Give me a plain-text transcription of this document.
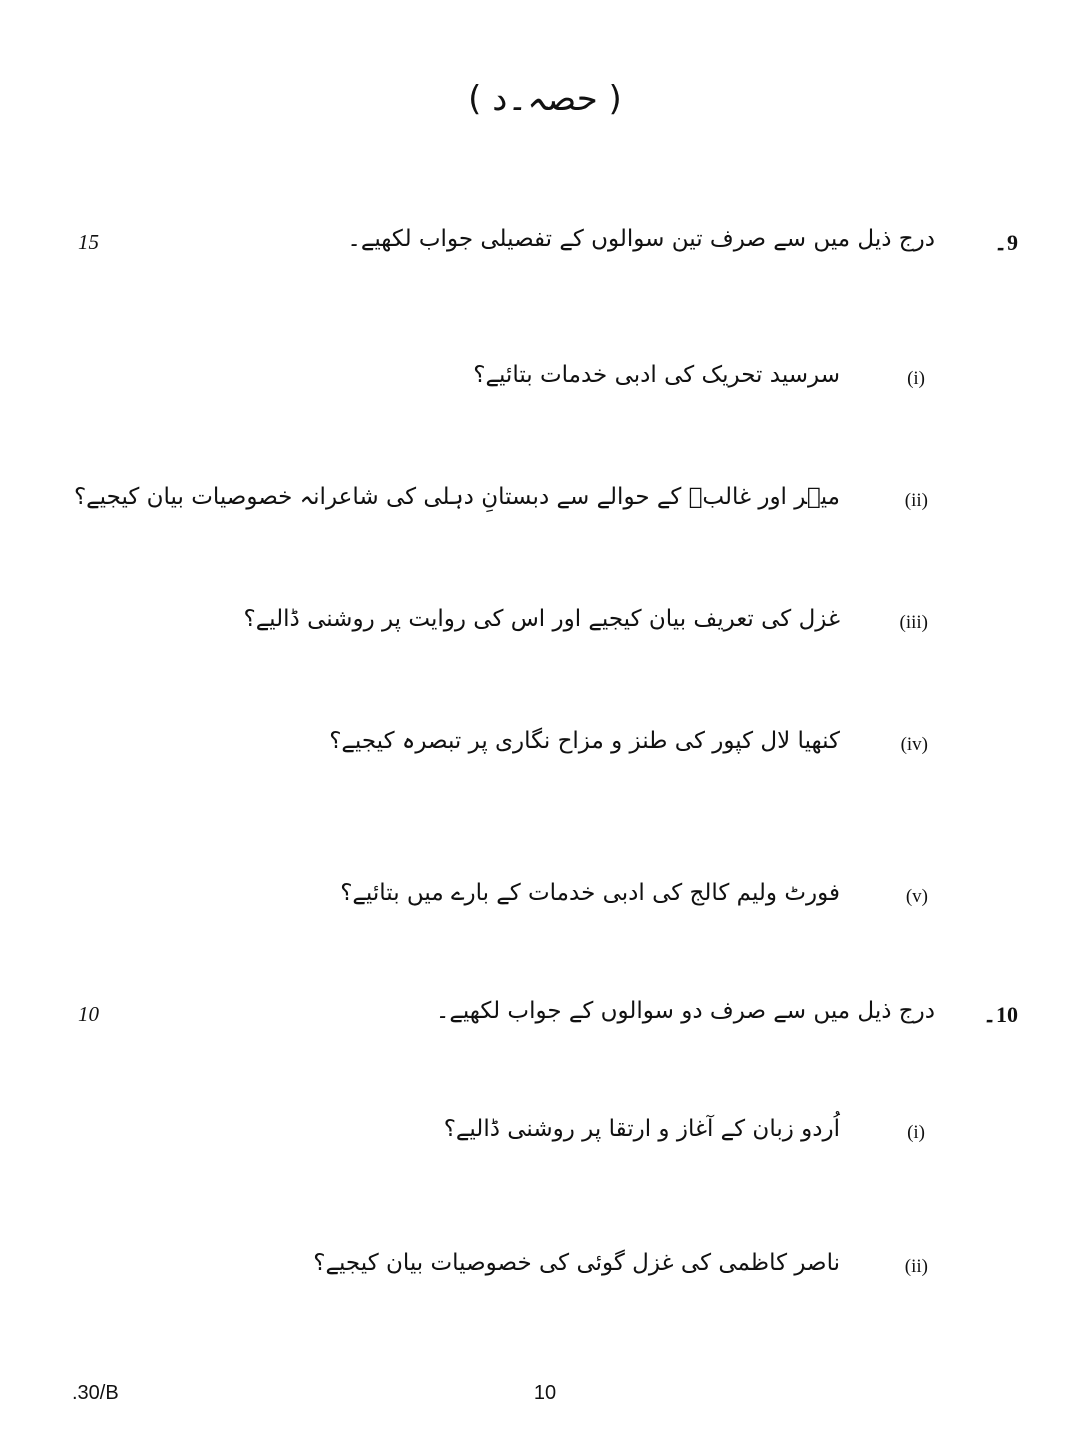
( حصہ۔د )
9۔
درج ذیل میں سے صرف تین سوالوں کے تفصیلی جواب لکھیے۔
15
(i)
سرسید تحریک کی ادبی خدمات بتائیے؟
(ii)
میؔر اور غالبؔ کے حوالے سے دبستانِ دہلی کی شاعرانہ خصوصیات بیان کیجیے؟
(iii)
غزل کی تعریف بیان کیجیے اور اس کی روایت پر روشنی ڈالیے؟
(iv)
کنھیا لال کپور کی طنز و مزاح نگاری پر تبصرہ کیجیے؟
(v)
فورٹ ولیم کالج کی ادبی خدمات کے بارے میں بتائیے؟
10۔
درج ذیل میں سے صرف دو سوالوں کے جواب لکھیے۔
10
(i)
اُردو زبان کے آغاز و ارتقا پر روشنی ڈالیے؟
(ii)
ناصر کاظمی کی غزل گوئی کی خصوصیات بیان کیجیے؟
.30/B	10
